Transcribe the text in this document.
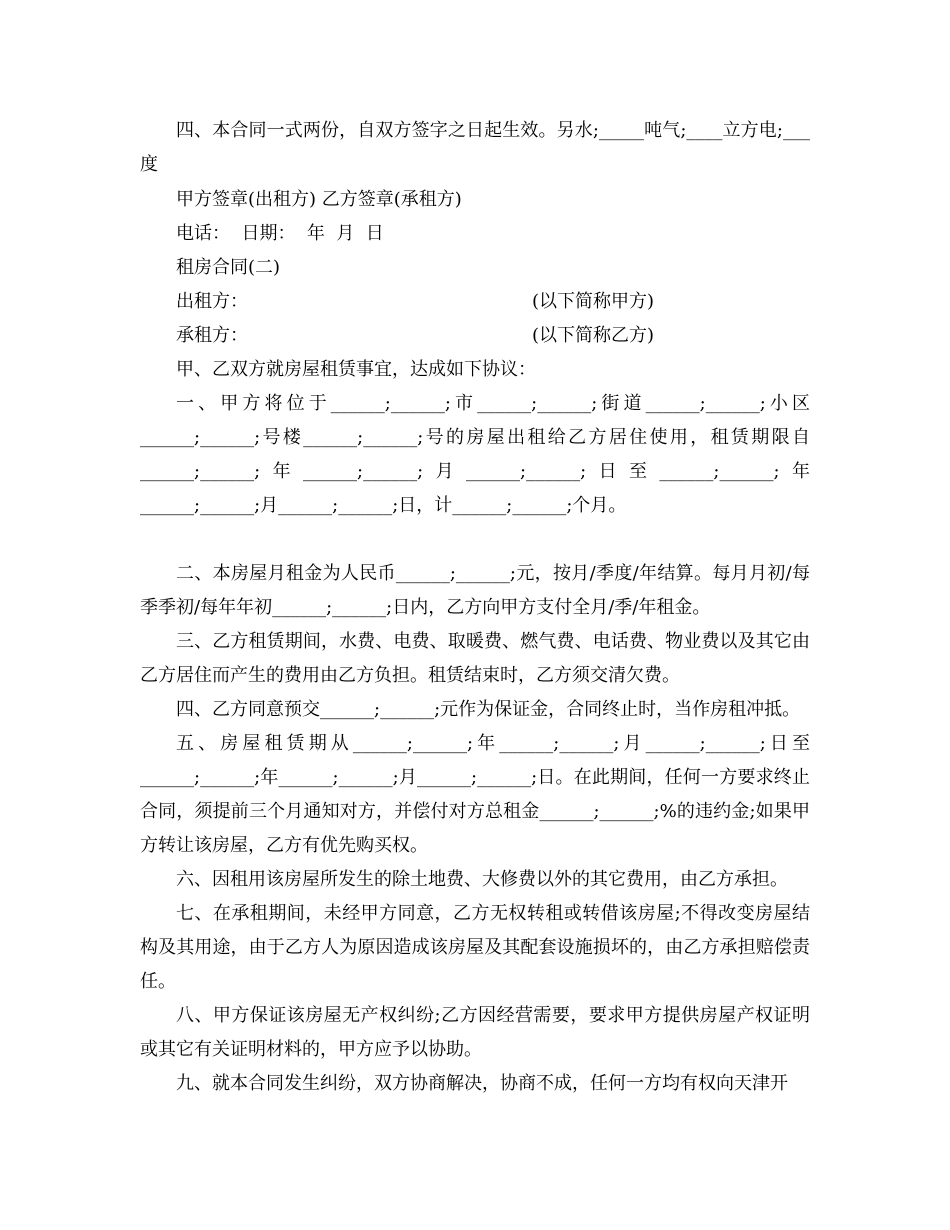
四、本合同一式两份，自双方签字之日起生效。另水;_____吨气;____立方电;___度

甲方签章(出租方) 乙方签章(承租方)

电话：  日期：  年  月  日

租房合同(二)

出租方：	(以下简称甲方)

承租方：	(以下简称乙方)

甲、乙双方就房屋租赁事宜，达成如下协议：

一、甲方将位于______;______;市______;______;街道______;______;小区______;______;号楼______;______;号的房屋出租给乙方居住使用，租赁期限自______;______;年______;______;月______;______;日至______;______;年______;______;月______;______;日，计______;______;个月。

二、本房屋月租金为人民币______;______;元，按月/季度/年结算。每月月初/每季季初/每年年初______;______;日内，乙方向甲方支付全月/季/年租金。

三、乙方租赁期间，水费、电费、取暖费、燃气费、电话费、物业费以及其它由乙方居住而产生的费用由乙方负担。租赁结束时，乙方须交清欠费。

四、乙方同意预交______;______;元作为保证金，合同终止时，当作房租冲抵。

五、房屋租赁期从______;______;年______;______;月______;______;日至______;______;年______;______;月______;______;日。在此期间，任何一方要求终止合同，须提前三个月通知对方，并偿付对方总租金______;______;%的违约金;如果甲方转让该房屋，乙方有优先购买权。

六、因租用该房屋所发生的除土地费、大修费以外的其它费用，由乙方承担。

七、在承租期间，未经甲方同意，乙方无权转租或转借该房屋;不得改变房屋结构及其用途，由于乙方人为原因造成该房屋及其配套设施损坏的，由乙方承担赔偿责任。

八、甲方保证该房屋无产权纠纷;乙方因经营需要，要求甲方提供房屋产权证明或其它有关证明材料的，甲方应予以协助。

九、就本合同发生纠纷，双方协商解决，协商不成，任何一方均有权向天津开
